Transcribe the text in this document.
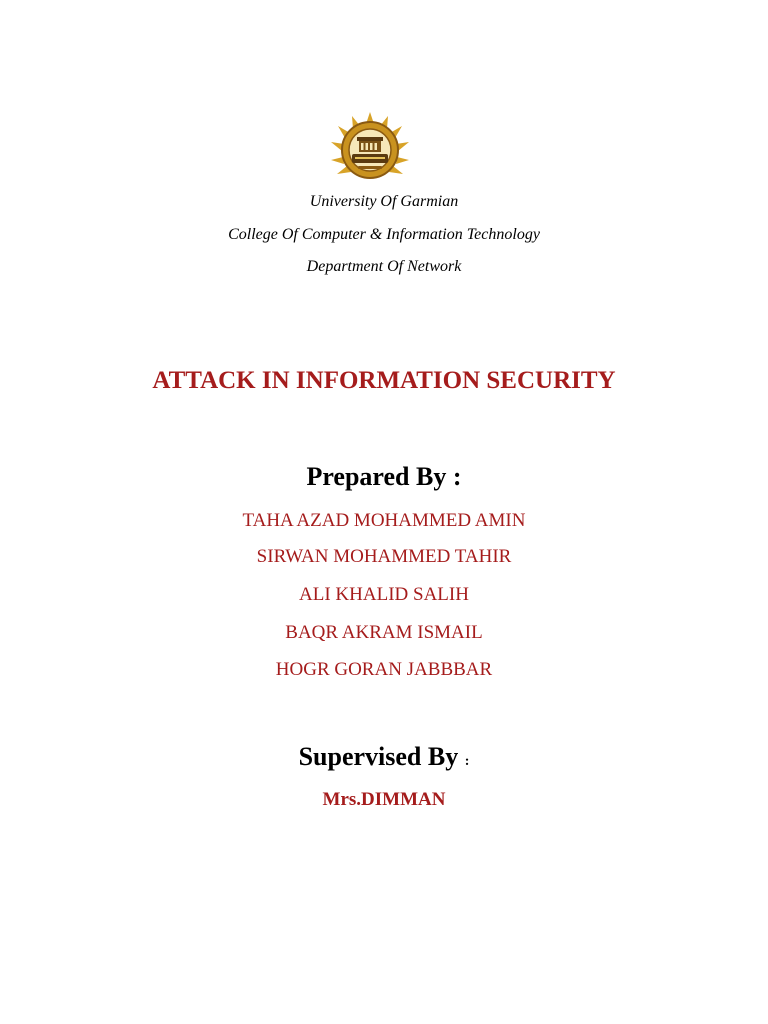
University Of Garmian
College Of Computer & Information Technology
Department Of Network
ATTACK IN INFORMATION SECURITY
Prepared By :
TAHA AZAD MOHAMMED AMIN
SIRWAN MOHAMMED TAHIR
ALI KHALID SALIH
BAQR AKRAM ISMAIL
HOGR GORAN JABBBAR
Supervised By :
Mrs.DIMMAN
